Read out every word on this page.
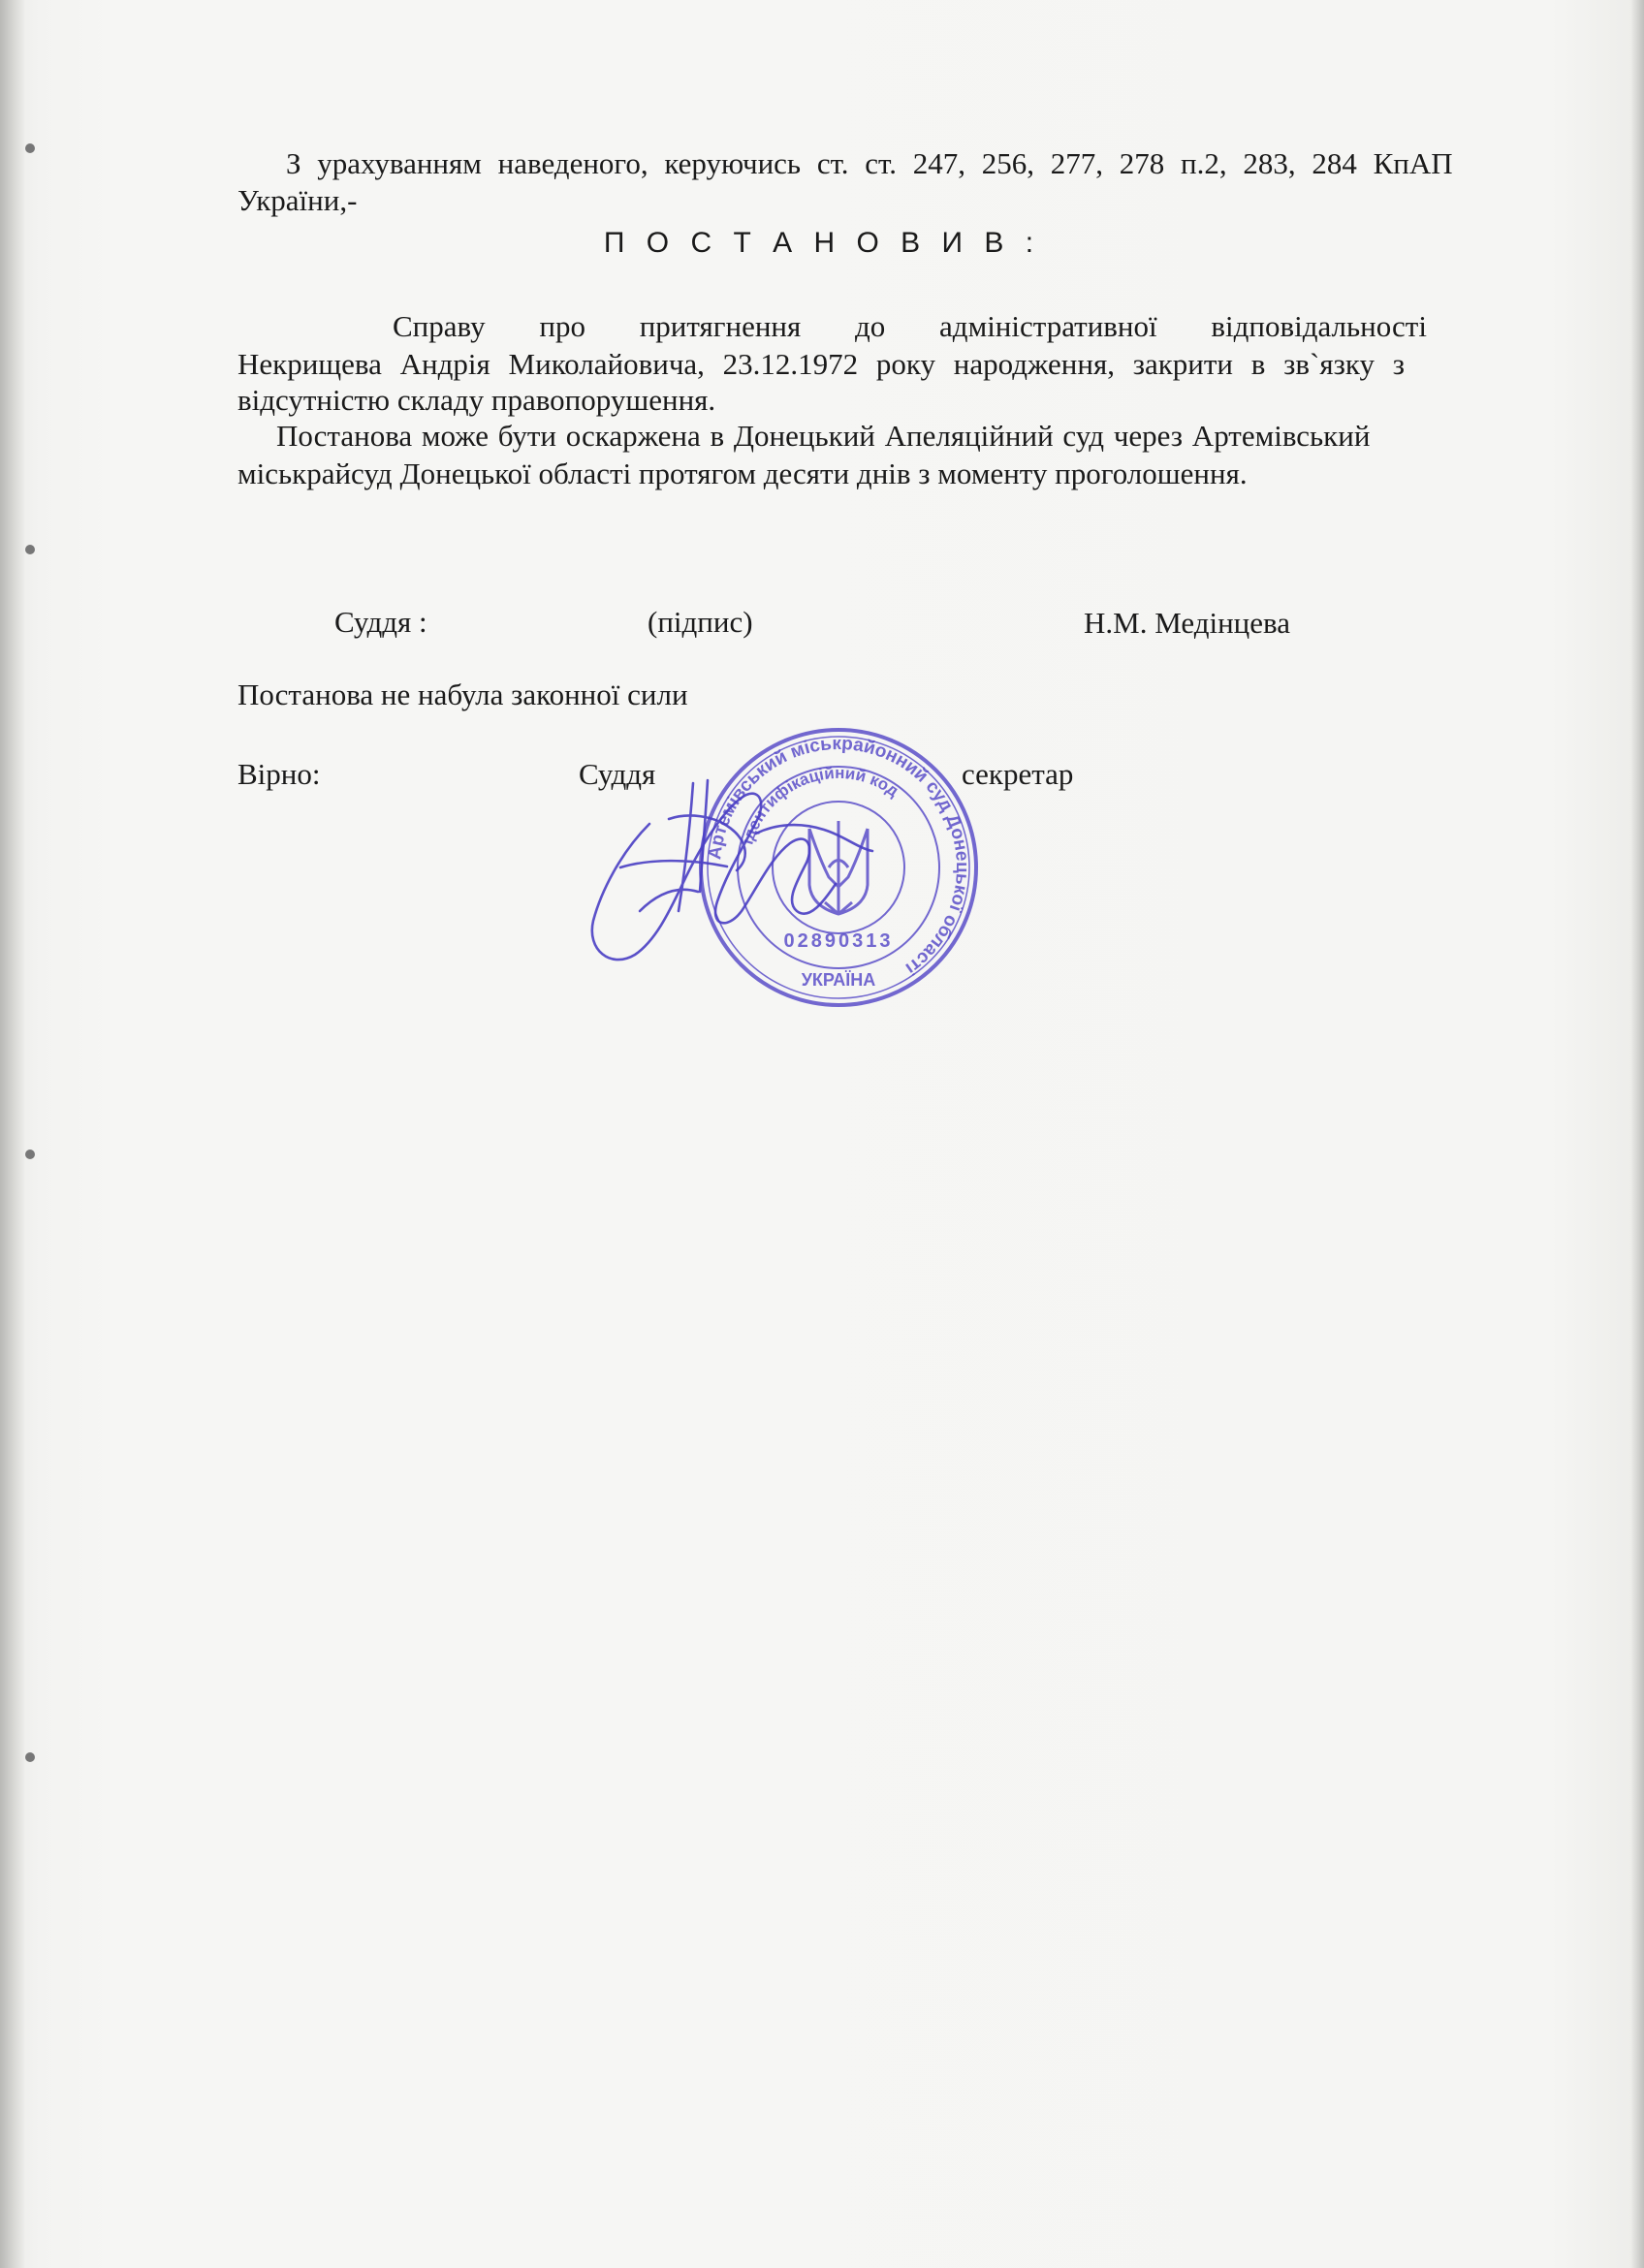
З урахуванням наведеного, керуючись ст. ст. 247, 256, 277, 278 п.2, 283, 284 КпАП
України,-
П О С Т А Н О В И В :
Справу про притягнення до адміністративної відповідальності
Некрищева Андрія Миколайовича, 23.12.1972 року народження, закрити в зв`язку з
відсутністю складу правопорушення.
Постанова може бути оскаржена в Донецький Апеляційний суд через Артемівський
міськрайсуд Донецької області протягом десяти днів з моменту проголошення.
Суддя :	(підпис)	Н.М. Медінцева
Постанова не набула законної сили
Вірно:	Суддя	секретар
Артемівський міськрайонний суд Донецької області
ідентифікаційний код
УКРАЇНА
02890313
